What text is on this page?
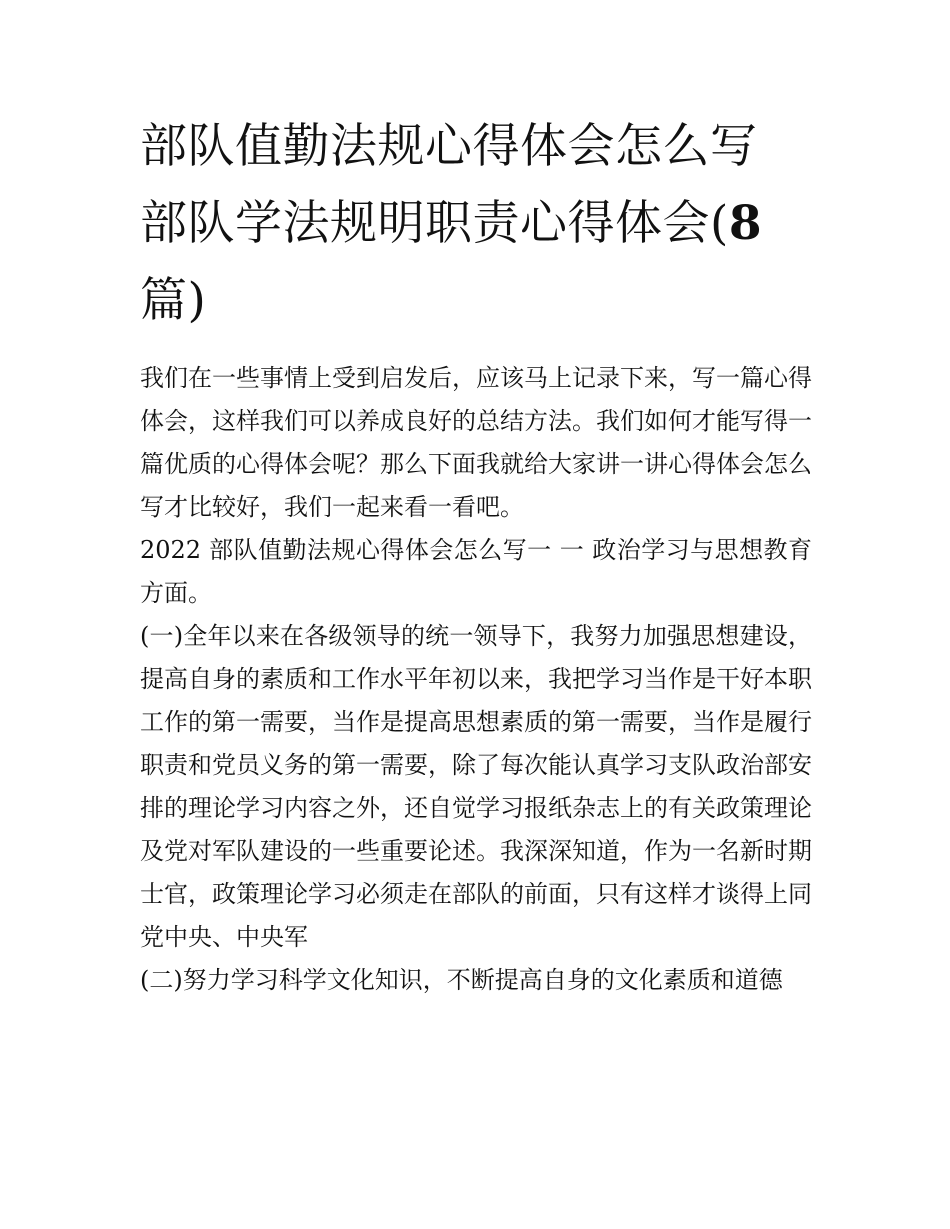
部队值勤法规心得体会怎么写
部队学法规明职责心得体会(8
篇)

我们在一些事情上受到启发后，应该马上记录下来，写一篇心得体会，这样我们可以养成良好的总结方法。我们如何才能写得一篇优质的心得体会呢？那么下面我就给大家讲一讲心得体会怎么写才比较好，我们一起来看一看吧。

2022 部队值勤法规心得体会怎么写一 一 政治学习与思想教育方面。

(一)全年以来在各级领导的统一领导下，我努力加强思想建设，提高自身的素质和工作水平年初以来，我把学习当作是干好本职工作的第一需要，当作是提高思想素质的第一需要，当作是履行职责和党员义务的第一需要，除了每次能认真学习支队政治部安排的理论学习内容之外，还自觉学习报纸杂志上的有关政策理论及党对军队建设的一些重要论述。我深深知道，作为一名新时期士官，政策理论学习必须走在部队的前面，只有这样才谈得上同党中央、中央军

(二)努力学习科学文化知识，不断提高自身的文化素质和道德
